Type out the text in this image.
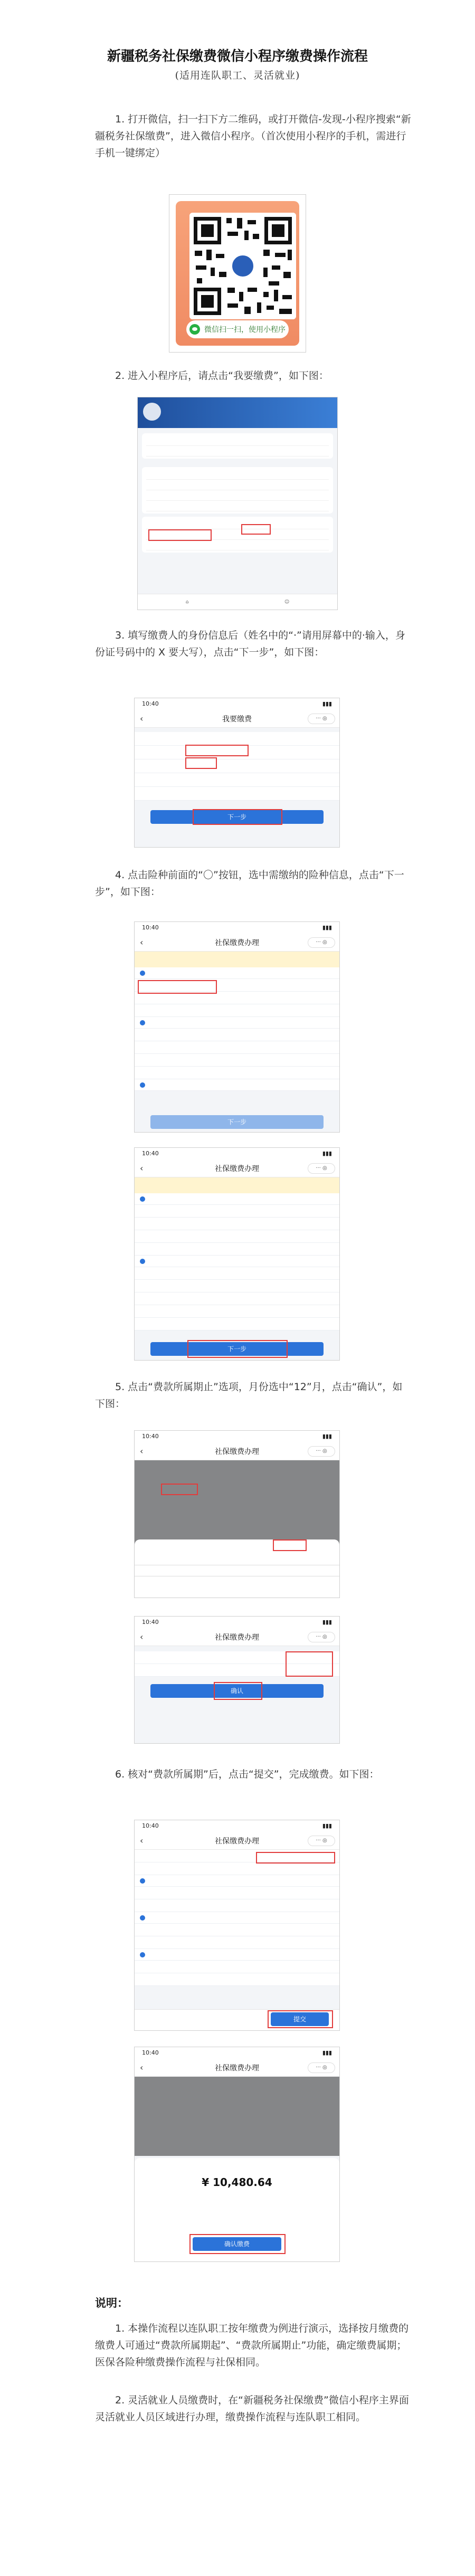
新疆税务社保缴费微信小程序缴费操作流程
(适用连队职工、灵活就业)
1. 打开微信，扫一扫下方二维码，或打开微信-发现-小程序搜索“新疆税务社保缴费”，进入微信小程序。（首次使用小程序的手机，需进行手机一键绑定）
微信扫一扫，使用小程序
2. 进入小程序后，请点击“我要缴费”，如下图：
⌂	☺
3. 填写缴费人的身份信息后（姓名中的“·”请用屏幕中的·输入，身份证号码中的 X 要大写），点击“下一步”，如下图：
10:40	▮▮▮
‹	我要缴费	··· ◎
下一步
4. 点击险种前面的“〇”按钮，选中需缴纳的险种信息，点击“下一步”，如下图：
10:40	▮▮▮
‹	社保缴费办理	··· ◎
下一步
10:40	▮▮▮
‹	社保缴费办理	··· ◎
下一步
5. 点击“费款所属期止”选项，月份选中“12”月，点击“确认”，如下图：
10:40	▮▮▮
‹	社保缴费办理	··· ◎
10:40	▮▮▮
‹	社保缴费办理	··· ◎
确认
6. 核对“费款所属期”后，点击“提交”，完成缴费。如下图：
10:40	▮▮▮
‹	社保缴费办理	··· ◎
提交
10:40	▮▮▮
‹	社保缴费办理	··· ◎
¥ 10,480.64
确认缴费
说明：
1. 本操作流程以连队职工按年缴费为例进行演示，选择按月缴费的缴费人可通过“费款所属期起”、“费款所属期止”功能，确定缴费属期；医保各险种缴费操作流程与社保相同。
2. 灵活就业人员缴费时，在“新疆税务社保缴费”微信小程序主界面灵活就业人员区域进行办理，缴费操作流程与连队职工相同。
